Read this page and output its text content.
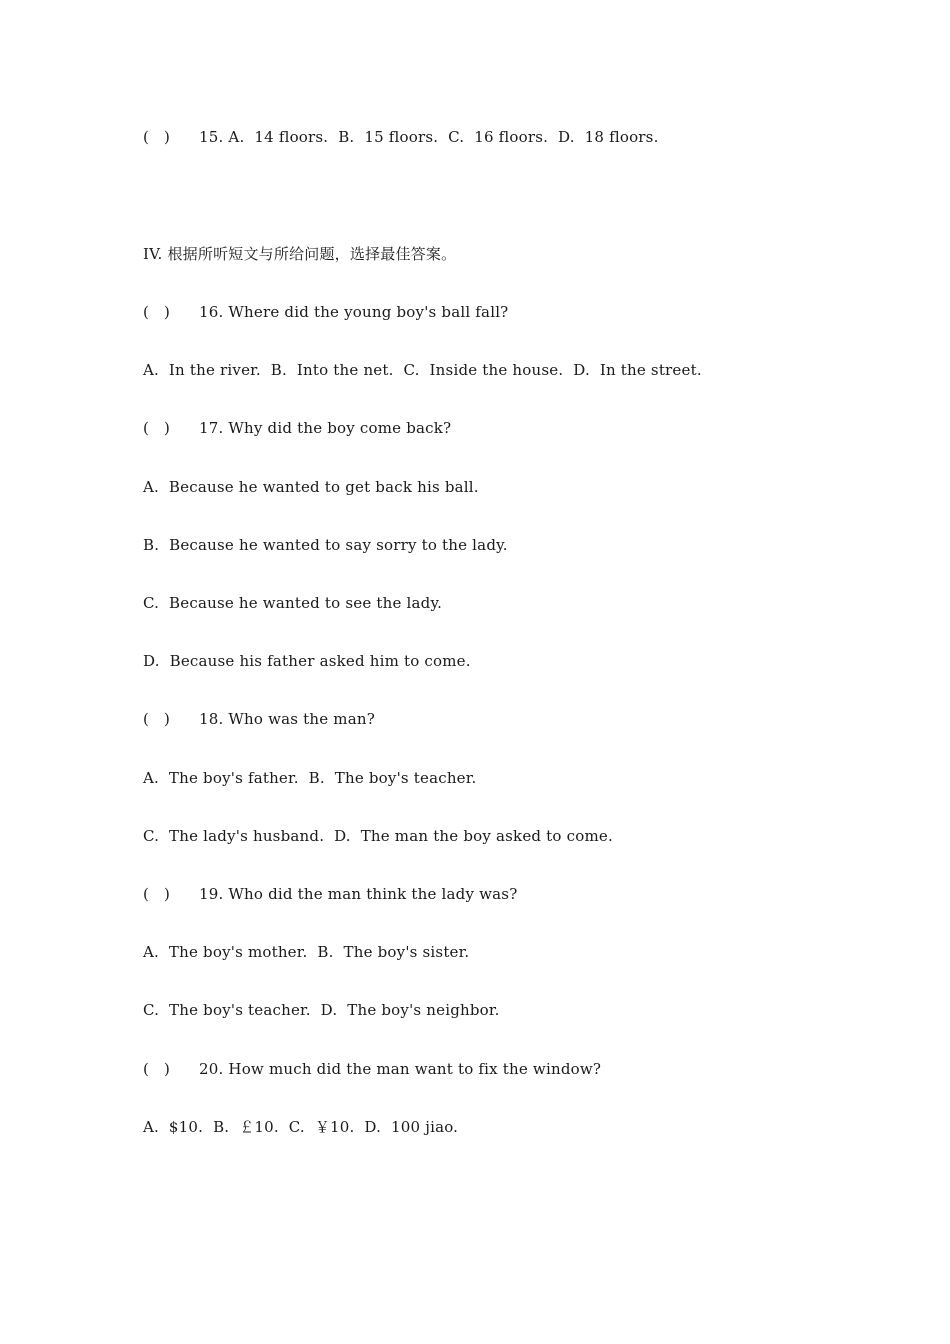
(   ) 15. A.  14 floors.  B.  15 floors.  C.  16 floors.  D.  18 floors.
IV. 根据所听短文与所给问题，选择最佳答案。
(   ) 16. Where did the young boy's ball fall?
A.  In the river.  B.  Into the net.  C.  Inside the house.  D.  In the street.
(   ) 17. Why did the boy come back?
A.  Because he wanted to get back his ball.
B.  Because he wanted to say sorry to the lady.
C.  Because he wanted to see the lady.
D.  Because his father asked him to come.
(   ) 18. Who was the man?
A.  The boy's father.  B.  The boy's teacher.
C.  The lady's husband.  D.  The man the boy asked to come.
(   ) 19. Who did the man think the lady was?
A.  The boy's mother.  B.  The boy's sister.
C.  The boy's teacher.  D.  The boy's neighbor.
(   ) 20. How much did the man want to fix the window?
A.  $10.  B.  ￡10.  C.  ￥10.  D.  100 jiao.
